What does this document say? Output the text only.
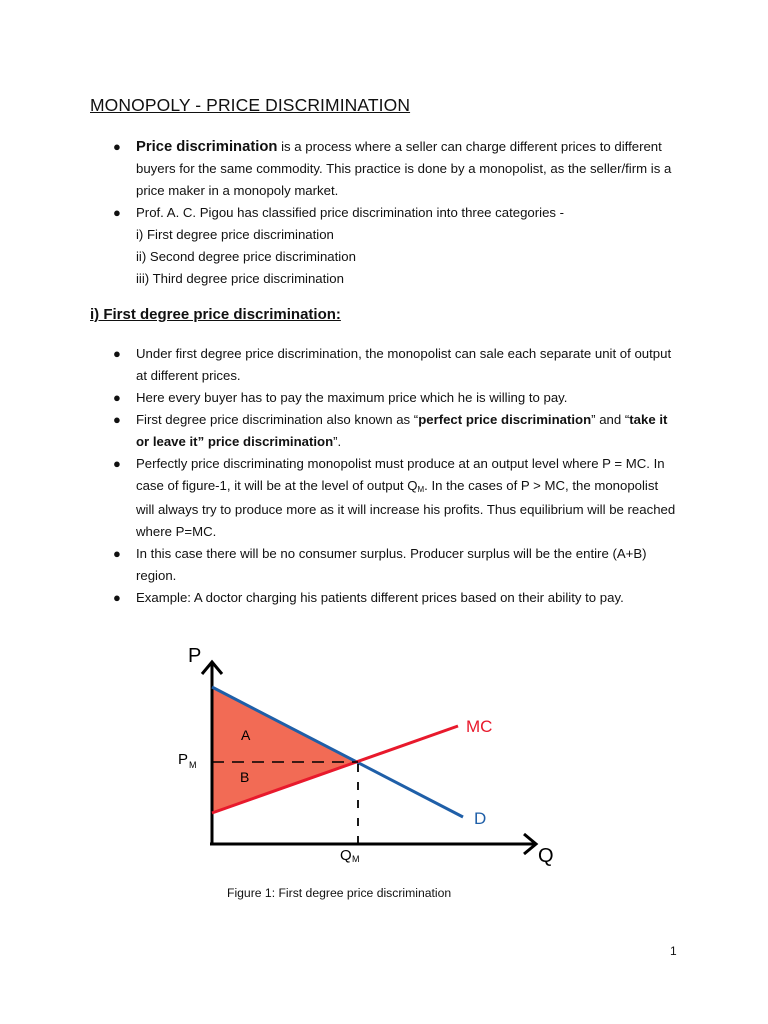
MONOPOLY - PRICE DISCRIMINATION
● Price discrimination is a process where a seller can charge different prices to different buyers for the same commodity. This practice is done by a monopolist, as the seller/firm is a price maker in a monopoly market.
● Prof. A. C. Pigou has classified price discrimination into three categories -
i) First degree price discrimination
ii) Second degree price discrimination
iii) Third degree price discrimination
i) First degree price discrimination:
● Under first degree price discrimination, the monopolist can sale each separate unit of output at different prices.
● Here every buyer has to pay the maximum price which he is willing to pay.
● First degree price discrimination also known as “perfect price discrimination” and “take it or leave it” price discrimination”.
● Perfectly price discriminating monopolist must produce at an output level where P = MC. In case of figure-1, it will be at the level of output $Q_M$. In the cases of P > MC, the monopolist will always try to produce more as it will increase his profits. Thus equilibrium will be reached where P=MC.
● In this case there will be no consumer surplus. Producer surplus will be the entire (A+B) region.
● Example: A doctor charging his patients different prices based on their ability to pay.
P
Q
A
B
MC
D
P M
Q M
Figure 1: First degree price discrimination
1
